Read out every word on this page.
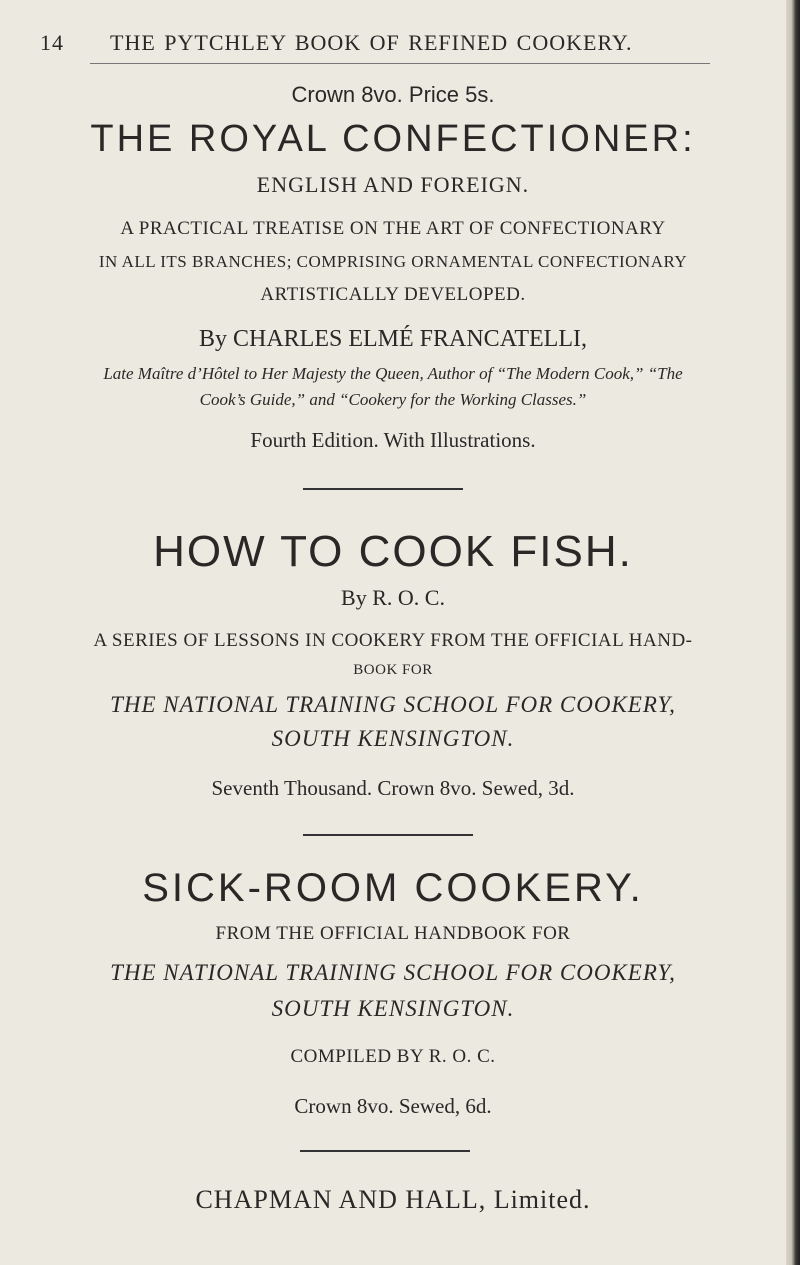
14 THE PYTCHLEY BOOK OF REFINED COOKERY.
Crown 8vo. Price 5s.
THE ROYAL CONFECTIONER:
ENGLISH AND FOREIGN.
A PRACTICAL TREATISE ON THE ART OF CONFECTIONARY
IN ALL ITS BRANCHES; COMPRISING ORNAMENTAL CONFECTIONARY
ARTISTICALLY DEVELOPED.
By CHARLES ELMÉ FRANCATELLI,
Late Maître d’Hôtel to Her Majesty the Queen, Author of “The Modern Cook,” “The
Cook’s Guide,” and “Cookery for the Working Classes.”
Fourth Edition. With Illustrations.
HOW TO COOK FISH.
By R. O. C.
A SERIES OF LESSONS IN COOKERY FROM THE OFFICIAL HAND-
BOOK FOR
THE NATIONAL TRAINING SCHOOL FOR COOKERY,
SOUTH KENSINGTON.
Seventh Thousand. Crown 8vo. Sewed, 3d.
SICK-ROOM COOKERY.
FROM THE OFFICIAL HANDBOOK FOR
THE NATIONAL TRAINING SCHOOL FOR COOKERY,
SOUTH KENSINGTON.
COMPILED BY R. O. C.
Crown 8vo. Sewed, 6d.
CHAPMAN AND HALL, Limited.
